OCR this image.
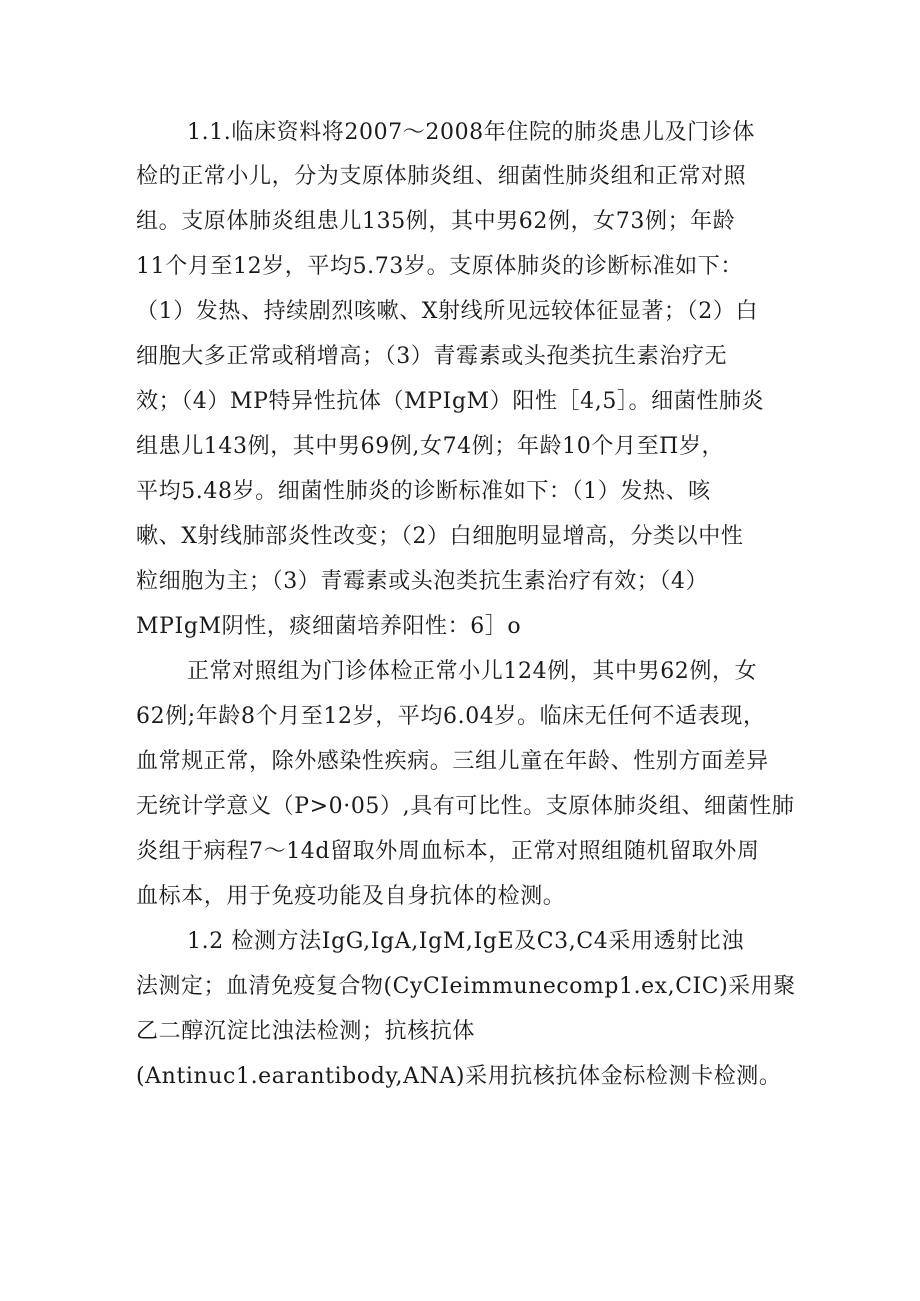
1.1.临床资料将2007～2008年住院的肺炎患儿及门诊体
检的正常小儿，分为支原体肺炎组、细菌性肺炎组和正常对照
组。支原体肺炎组患儿135例，其中男62例，女73例；年龄
11个月至12岁，平均5.73岁。支原体肺炎的诊断标准如下：
（1）发热、持续剧烈咳嗽、X射线所见远较体征显著；（2）白
细胞大多正常或稍增高；（3）青霉素或头孢类抗生素治疗无
效；（4）MP特异性抗体（MPIgM）阳性［4,5］。细菌性肺炎
组患儿143例，其中男69例,女74例；年龄10个月至Π岁，
平均5.48岁。细菌性肺炎的诊断标准如下：（1）发热、咳
嗽、X射线肺部炎性改变；（2）白细胞明显增高，分类以中性
粒细胞为主；（3）青霉素或头泡类抗生素治疗有效；（4）
MPIgM阴性，痰细菌培养阳性：6］o
正常对照组为门诊体检正常小儿124例，其中男62例，女
62例;年龄8个月至12岁，平均6.04岁。临床无任何不适表现，
血常规正常，除外感染性疾病。三组儿童在年龄、性别方面差异
无统计学意义（P>0·05）,具有可比性。支原体肺炎组、细菌性肺
炎组于病程7～14d留取外周血标本，正常对照组随机留取外周
血标本，用于免疫功能及自身抗体的检测。
1.2 检测方法IgG,IgA,IgM,IgE及C3,C4采用透射比浊
法测定；血清免疫复合物(CyCIeimmunecomp1.ex,CIC)采用聚
乙二醇沉淀比浊法检测；抗核抗体
(Antinuc1.earantibody,ANA)采用抗核抗体金标检测卡检测。
